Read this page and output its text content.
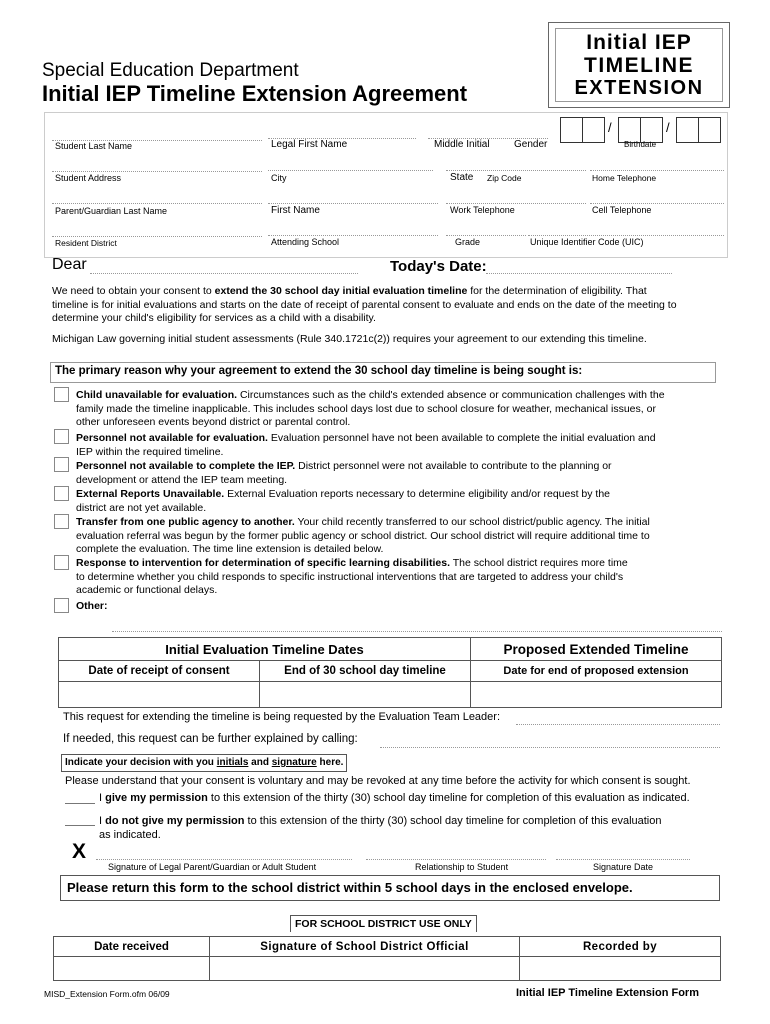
Special Education Department
Initial IEP Timeline Extension Agreement
Initial IEP
TIMELINE
EXTENSION
Student Last Name	Legal First Name	Middle Initial Gender
/	/
Birthdate
Student Address	City	State Zip Code	Home Telephone
Parent/Guardian Last Name	First Name	Work Telephone	Cell Telephone
Resident District	Attending School	Grade	Unique Identifier Code (UIC)
Dear	Today's Date:
We need to obtain your consent to extend the 30 school day initial evaluation timeline for the determination of eligibility. That
timeline is for initial evaluations and starts on the date of receipt of parental consent to evaluate and ends on the date of the meeting to
determine your child's eligibility for services as a child with a disability.
Michigan Law governing initial student assessments (Rule 340.1721c(2)) requires your agreement to our extending this timeline.
The primary reason why your agreement to extend the 30 school day timeline is being sought is:
Child unavailable for evaluation. Circumstances such as the child's extended absence or communication challenges with the
family made the timeline inapplicable. This includes school days lost due to school closure for weather, mechanical issues, or
other unforeseen events beyond district or parental control.
Personnel not available for evaluation. Evaluation personnel have not been available to complete the initial evaluation and
IEP within the required timeline.
Personnel not available to complete the IEP. District personnel were not available to contribute to the planning or
development or attend the IEP team meeting.
External Reports Unavailable. External Evaluation reports necessary to determine eligibility and/or request by the
district are not yet available.
Transfer from one public agency to another. Your child recently transferred to our school district/public agency. The initial
evaluation referral was begun by the former public agency or school district. Our school district will require additional time to
complete the evaluation. The time line extension is detailed below.
Response to intervention for determination of specific learning disabilities. The school district requires more time
to determine whether you child responds to specific instructional interventions that are targeted to address your child's
academic or functional delays.
Other:
Initial Evaluation Timeline Dates		Proposed Extended Timeline
Date of receipt of consent	End of 30 school day timeline	Date for end of proposed extension

This request for extending the timeline is being requested by the Evaluation Team Leader:
If needed, this request can be further explained by calling:
Indicate your decision with you initials and signature here.
Please understand that your consent is voluntary and may be revoked at any time before the activity for which consent is sought.
I give my permission to this extension of the thirty (30) school day timeline for completion of this evaluation as indicated.
I do not give my permission to this extension of the thirty (30) school day timeline for completion of this evaluation
as indicated.
X
Signature of Legal Parent/Guardian or Adult Student	Relationship to Student	Signature Date
Please return this form to the school district within 5 school days in the enclosed envelope.
FOR SCHOOL DISTRICT USE ONLY
Date received	Signature of School District Official	Recorded by

MISD_Extension Form.ofm 06/09	Initial IEP Timeline Extension Form
